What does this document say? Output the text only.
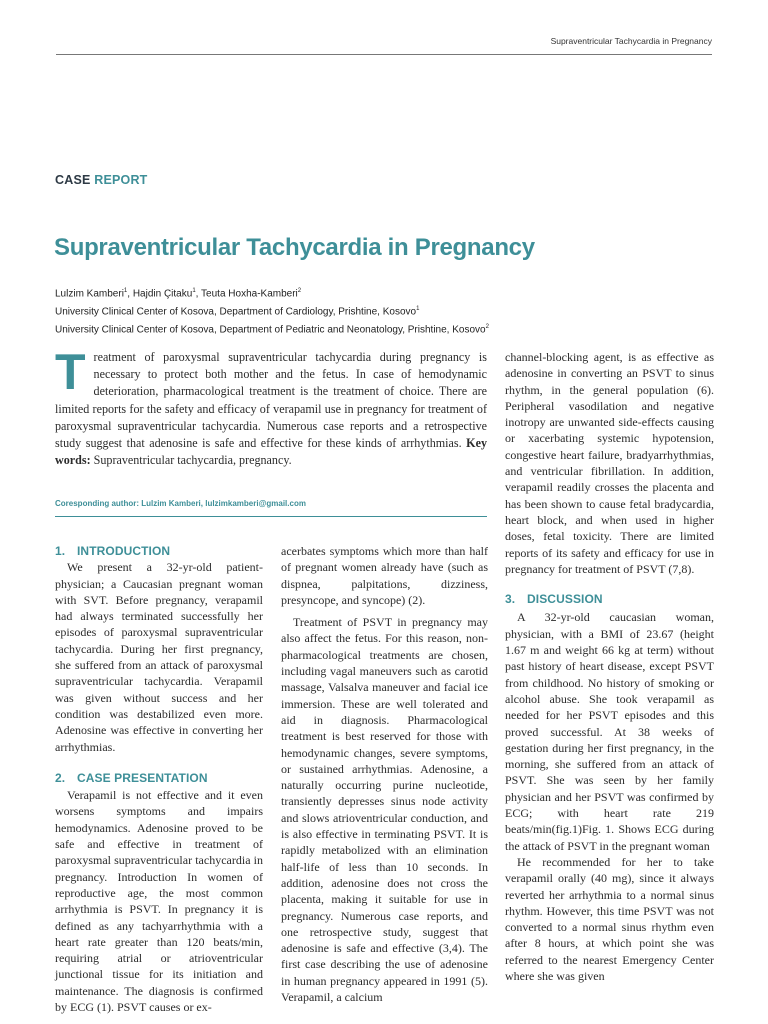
Supraventricular Tachycardia in Pregnancy
CASE REPORT
Supraventricular Tachycardia in Pregnancy
Lulzim Kamberi$^1$, Hajdin Çitaku$^1$, Teuta Hoxha-Kamberi$^2$
University Clinical Center of Kosova, Department of Cardiology, Prishtine, Kosovo$^1$
University Clinical Center of Kosova, Department of Pediatric and Neonatology, Prishtine, Kosovo$^2$
Treatment of paroxysmal supraventricular tachycardia during pregnancy is necessary to protect both mother and the fetus. In case of hemodynamic deterioration, pharmacological treatment is the treatment of choice. There are limited reports for the safety and efficacy of verapamil use in pregnancy for treatment of paroxysmal supraventricular tachycardia. Numerous case reports and a retrospective study suggest that adenosine is safe and effective for these kinds of arrhythmias. Key words: Supraventricular tachycardia, pregnancy.
Coresponding author: Lulzim Kamberi, lulzimkamberi@gmail.com
1. INTRODUCTION

We present a 32-yr-old patient-physician; a Caucasian pregnant woman with SVT. Before pregnancy, verapamil had always terminated successfully her episodes of paroxysmal supraventricular tachycardia. During her first pregnancy, she suffered from an attack of paroxysmal supraventricular tachycardia. Verapamil was given without success and her condition was destabilized even more. Adenosine was effective in converting her arrhythmias.

2. CASE PRESENTATION

Verapamil is not effective and it even worsens symptoms and impairs hemodynamics. Adenosine proved to be safe and effective in treatment of paroxysmal supraventricular tachycardia in pregnancy. Introduction In women of reproductive age, the most common arrhythmia is PSVT. In pregnancy it is defined as any tachyarrhythmia with a heart rate greater than 120 beats/min, requiring atrial or atrioventricular junctional tissue for its initiation and maintenance. The diagnosis is confirmed by ECG (1). PSVT causes or ex-

acerbates symptoms which more than half of pregnant women already have (such as dispnea, palpitations, dizziness, presyncope, and syncope) (2).

Treatment of PSVT in pregnancy may also affect the fetus. For this reason, non-pharmacological treatments are chosen, including vagal maneuvers such as carotid massage, Valsalva maneuver and facial ice immersion. These are well tolerated and aid in diagnosis. Pharmacological treatment is best reserved for those with hemodynamic changes, severe symptoms, or sustained arrhythmias. Adenosine, a naturally occurring purine nucleotide, transiently depresses sinus node activity and slows atrioventricular conduction, and is also effective in terminating PSVT. It is rapidly metabolized with an elimination half-life of less than 10 seconds. In addition, adenosine does not cross the placenta, making it suitable for use in pregnancy. Numerous case reports, and one retrospective study, suggest that adenosine is safe and effective (3,4). The first case describing the use of adenosine in human pregnancy appeared in 1991 (5). Verapamil, a calcium

channel-blocking agent, is as effective as adenosine in converting an PSVT to sinus rhythm, in the general population (6). Peripheral vasodilation and negative inotropy are unwanted side-effects causing or xacerbating systemic hypotension, congestive heart failure, bradyarrhythmias, and ventricular fibrillation. In addition, verapamil readily crosses the placenta and has been shown to cause fetal bradycardia, heart block, and when used in higher doses, fetal toxicity. There are limited reports of its safety and efficacy for use in pregnancy for treatment of PSVT (7,8).

3. DISCUSSION

A 32-yr-old caucasian woman, physician, with a BMI of 23.67 (height 1.67 m and weight 66 kg at term) without past history of heart disease, except PSVT from childhood. No history of smoking or alcohol abuse. She took verapamil as needed for her PSVT episodes and this proved successful. At 38 weeks of gestation during her first pregnancy, in the morning, she suffered from an attack of PSVT. She was seen by her family physician and her PSVT was confirmed by ECG; with heart rate 219 beats/min(fig.1)Fig. 1. Shows ECG during the attack of PSVT in the pregnant woman

He recommended for her to take verapamil orally (40 mg), since it always reverted her arrhythmia to a normal sinus rhythm. However, this time PSVT was not converted to a normal sinus rhythm even after 8 hours, at which point she was referred to the nearest Emergency Center where she was given
